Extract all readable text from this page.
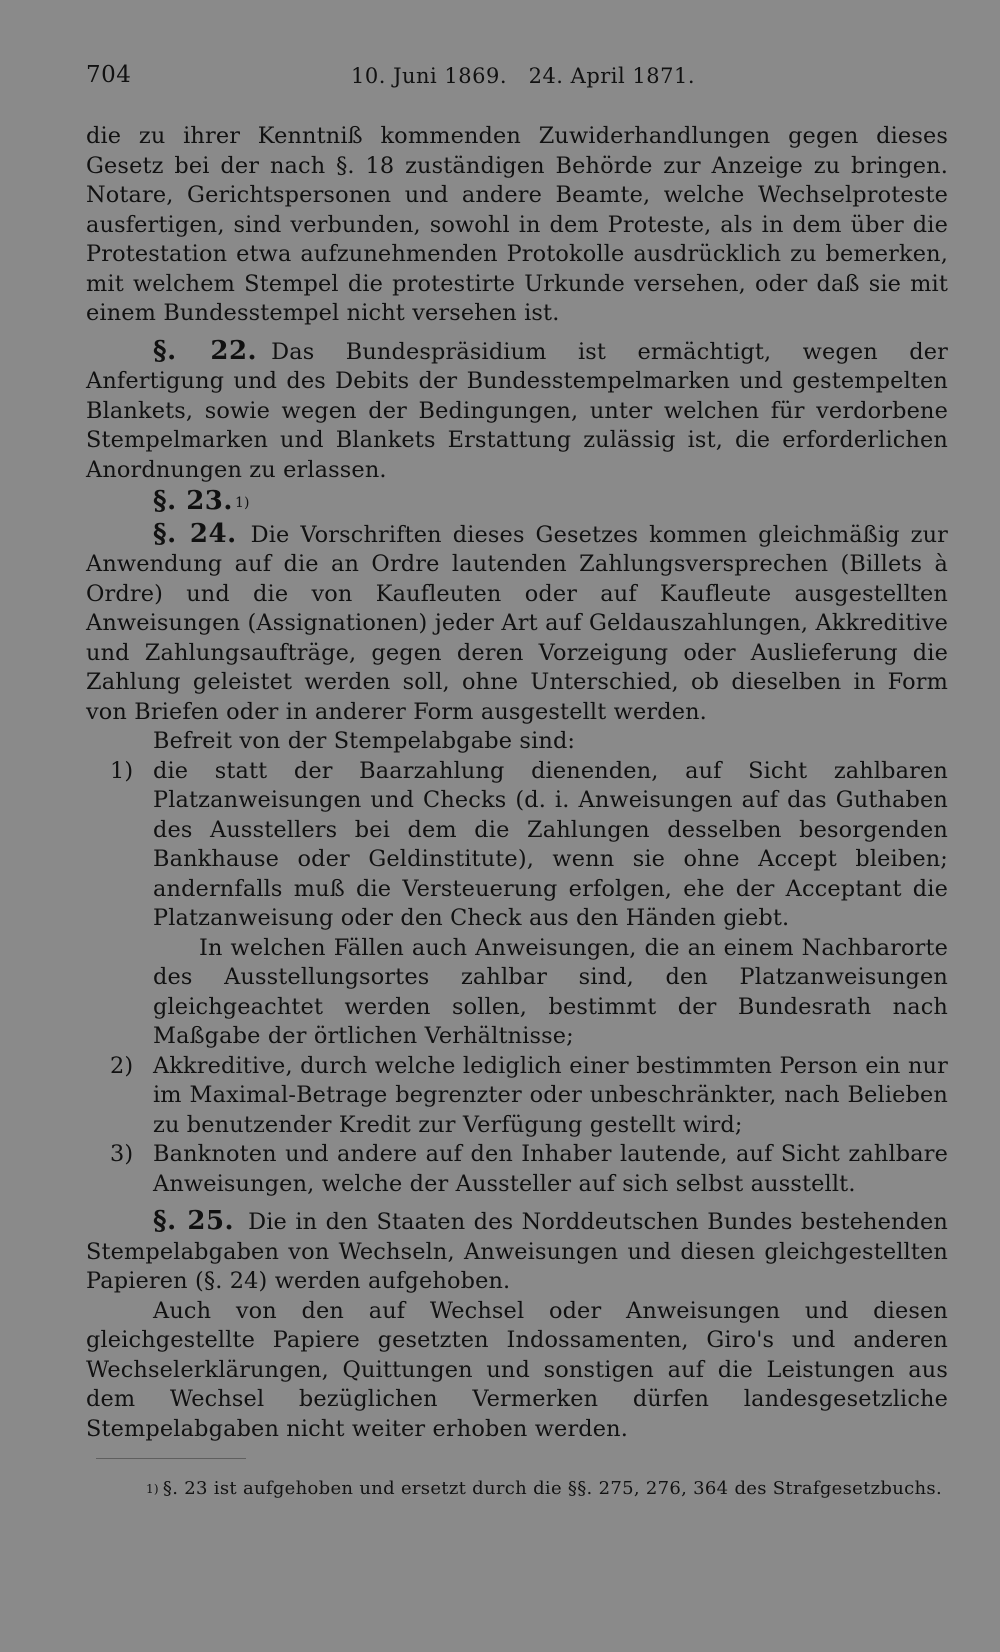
704	10. Juni 1869.   24. April 1871.

die zu ihrer Kenntniß kommenden Zuwiderhandlungen gegen dieses Gesetz bei der nach §. 18 zuständigen Behörde zur Anzeige zu bringen. Notare, Gerichtspersonen und andere Beamte, welche Wechselproteste ausfertigen, sind verbunden, sowohl in dem Proteste, als in dem über die Protestation etwa aufzunehmenden Protokolle ausdrücklich zu bemerken, mit welchem Stempel die protestirte Urkunde versehen, oder daß sie mit einem Bundesstempel nicht versehen ist.

§. 22. Das Bundespräsidium ist ermächtigt, wegen der Anfertigung und des Debits der Bundesstempelmarken und gestempelten Blankets, sowie wegen der Bedingungen, unter welchen für verdorbene Stempelmarken und Blankets Erstattung zulässig ist, die erforderlichen Anordnungen zu erlassen.

§. 23. $^{1)}$

§. 24. Die Vorschriften dieses Gesetzes kommen gleichmäßig zur Anwendung auf die an Ordre lautenden Zahlungsversprechen (Billets à Ordre) und die von Kaufleuten oder auf Kaufleute ausgestellten Anweisungen (Assignationen) jeder Art auf Geldauszahlungen, Akkreditive und Zahlungsaufträge, gegen deren Vorzeigung oder Auslieferung die Zahlung geleistet werden soll, ohne Unterschied, ob dieselben in Form von Briefen oder in anderer Form ausgestellt werden.

Befreit von der Stempelabgabe sind:

1) die statt der Baarzahlung dienenden, auf Sicht zahlbaren Platzanweisungen und Checks (d. i. Anweisungen auf das Guthaben des Ausstellers bei dem die Zahlungen desselben besorgenden Bankhause oder Geldinstitute), wenn sie ohne Accept bleiben; andernfalls muß die Versteuerung erfolgen, ehe der Acceptant die Platzanweisung oder den Check aus den Händen giebt.

In welchen Fällen auch Anweisungen, die an einem Nachbarorte des Ausstellungsortes zahlbar sind, den Platzanweisungen gleichgeachtet werden sollen, bestimmt der Bundesrath nach Maßgabe der örtlichen Verhältnisse;

2) Akkreditive, durch welche lediglich einer bestimmten Person ein nur im Maximal-Betrage begrenzter oder unbeschränkter, nach Belieben zu benutzender Kredit zur Verfügung gestellt wird;

3) Banknoten und andere auf den Inhaber lautende, auf Sicht zahlbare Anweisungen, welche der Aussteller auf sich selbst ausstellt.

§. 25. Die in den Staaten des Norddeutschen Bundes bestehenden Stempelabgaben von Wechseln, Anweisungen und diesen gleichgestellten Papieren (§. 24) werden aufgehoben.

Auch von den auf Wechsel oder Anweisungen und diesen gleichgestellte Papiere gesetzten Indossamenten, Giro's und anderen Wechselerklärungen, Quittungen und sonstigen auf die Leistungen aus dem Wechsel bezüglichen Vermerken dürfen landesgesetzliche Stempelabgaben nicht weiter erhoben werden.

$^{1)}$ §. 23 ist aufgehoben und ersetzt durch die §§. 275, 276, 364 des Strafgesetzbuchs.
